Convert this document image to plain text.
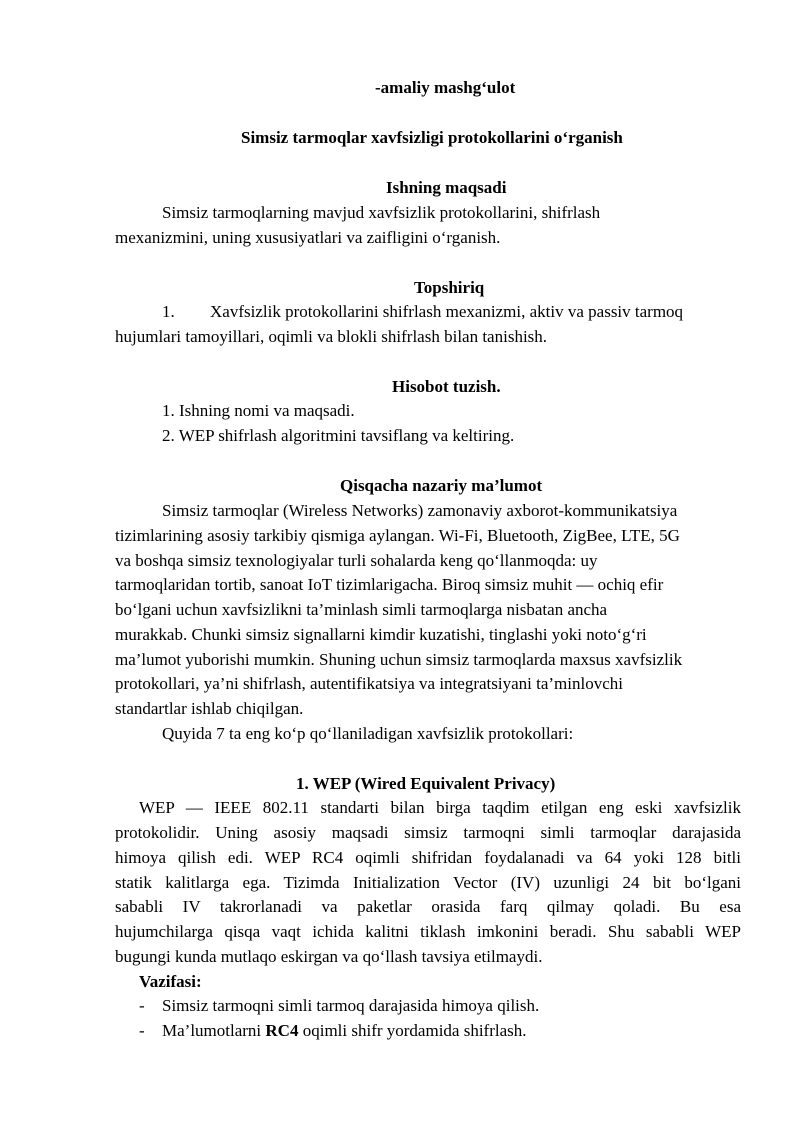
-amaliy mashg‘ulot
Simsiz tarmoqlar xavfsizligi protokollarini o‘rganish
Ishning maqsadi
Simsiz tarmoqlarning mavjud xavfsizlik protokollarini, shifrlash
mexanizmini, uning xususiyatlari va zaifligini o‘rganish.
Topshiriq
1. Xavfsizlik protokollarini shifrlash mexanizmi, aktiv va passiv tarmoq
hujumlari tamoyillari, oqimli va blokli shifrlash bilan tanishish.
Hisobot tuzish.
1. Ishning nomi va maqsadi.
2. WEP shifrlash algoritmini tavsiflang va keltiring.
Qisqacha nazariy ma’lumot
Simsiz tarmoqlar (Wireless Networks) zamonaviy axborot-kommunikatsiya
tizimlarining asosiy tarkibiy qismiga aylangan. Wi-Fi, Bluetooth, ZigBee, LTE, 5G
va boshqa simsiz texnologiyalar turli sohalarda keng qo‘llanmoqda: uy
tarmoqlaridan tortib, sanoat IoT tizimlarigacha. Biroq simsiz muhit — ochiq efir
bo‘lgani uchun xavfsizlikni ta’minlash simli tarmoqlarga nisbatan ancha
murakkab. Chunki simsiz signallarni kimdir kuzatishi, tinglashi yoki noto‘g‘ri
ma’lumot yuborishi mumkin. Shuning uchun simsiz tarmoqlarda maxsus xavfsizlik
protokollari, ya’ni shifrlash, autentifikatsiya va integratsiyani ta’minlovchi
standartlar ishlab chiqilgan.
Quyida 7 ta eng ko‘p qo‘llaniladigan xavfsizlik protokollari:
1. WEP (Wired Equivalent Privacy)
WEP — IEEE 802.11 standarti bilan birga taqdim etilgan eng eski xavfsizlik
protokolidir. Uning asosiy maqsadi simsiz tarmoqni simli tarmoqlar darajasida
himoya qilish edi. WEP RC4 oqimli shifridan foydalanadi va 64 yoki 128 bitli
statik kalitlarga ega. Tizimda Initialization Vector (IV) uzunligi 24 bit bo‘lgani
sababli IV takrorlanadi va paketlar orasida farq qilmay qoladi. Bu esa
hujumchilarga qisqa vaqt ichida kalitni tiklash imkonini beradi. Shu sababli WEP
bugungi kunda mutlaqo eskirgan va qo‘llash tavsiya etilmaydi.
Vazifasi:
- Simsiz tarmoqni simli tarmoq darajasida himoya qilish.
- Ma’lumotlarni RC4 oqimli shifr yordamida shifrlash.
